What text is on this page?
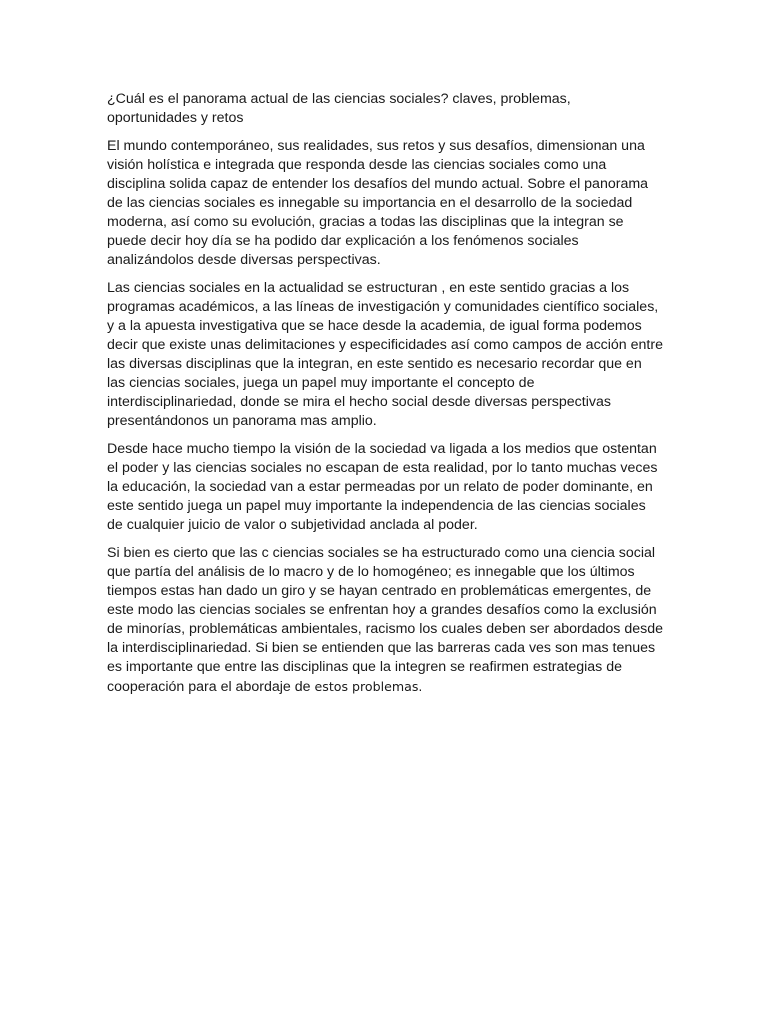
¿Cuál es el panorama actual de las ciencias sociales? claves, problemas, oportunidades y retos

El mundo contemporáneo, sus realidades, sus retos y sus desafíos, dimensionan una visión holística e integrada que responda desde las ciencias sociales como una disciplina solida capaz de entender los desafíos del mundo actual. Sobre el panorama de las ciencias sociales es innegable su importancia en el desarrollo de la sociedad moderna, así como su evolución, gracias a todas las disciplinas que la integran se puede decir hoy día se ha podido dar explicación a los fenómenos sociales analizándolos desde diversas perspectivas.

Las ciencias sociales en la actualidad se estructuran , en este sentido gracias a los programas académicos, a las líneas de investigación y comunidades científico sociales, y a la apuesta investigativa que se hace desde la academia, de igual forma podemos decir que existe unas delimitaciones y especificidades así como campos de acción entre las diversas disciplinas que la integran, en este sentido es necesario recordar que en las ciencias sociales, juega un papel muy importante el concepto de interdisciplinariedad, donde se mira el hecho social desde diversas perspectivas presentándonos un panorama mas amplio.

Desde hace mucho tiempo la visión de la sociedad va ligada a los medios que ostentan el poder y las ciencias sociales no escapan de esta realidad, por lo tanto muchas veces la educación, la sociedad van a estar permeadas por un relato de poder dominante, en este sentido juega un papel muy importante la independencia de las ciencias sociales de cualquier juicio de valor o subjetividad anclada al poder.

Si bien es cierto que las c ciencias sociales se ha estructurado como una ciencia social que partía del análisis de lo macro y de lo homogéneo; es innegable que los últimos tiempos estas han dado un giro y se hayan centrado en problemáticas emergentes, de este modo las ciencias sociales se enfrentan hoy a grandes desafíos como la exclusión de minorías, problemáticas ambientales, racismo los cuales deben ser abordados desde la interdisciplinariedad. Si bien se entienden que las barreras cada ves son mas tenues es importante que entre las disciplinas que la integren se reafirmen estrategias de cooperación para el abordaje de estos problemas.
